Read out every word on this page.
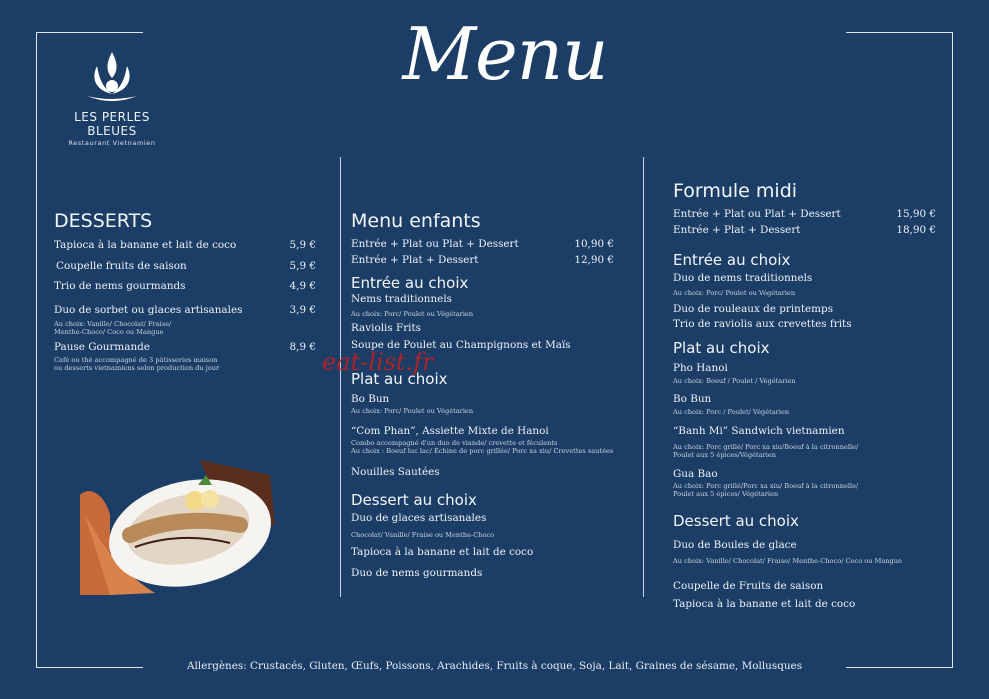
LES PERLES BLEUES
Restaurant Vietnamien
Menu
DESSERTS
Tapioca à la banane et lait de coco	5,9 €
Coupelle fruits de saison	5,9 €
Trio de nems gourmands	4,9 €
Duo de sorbet ou glaces artisanales	3,9 €
Au choix: Vanille/ Chocolat/ Fraise/
Menthe-Choco/ Coco ou Mangue
Pause Gourmande	8,9 €
Café ou thé accompagné de 3 pâtisseries maison
ou desserts vietnamiens selon production du jour
Menu enfants
Entrée + Plat ou Plat + Dessert	10,90 €
Entrée + Plat + Dessert	12,90 €
Entrée au choix
Nems traditionnels
Au choix: Porc/ Poulet ou Végétarien
Raviolis Frits
Soupe de Poulet au Champignons et Maïs
Plat au choix
Bo Bun
Au choix: Porc/ Poulet ou Végétarien
“Com Phan”, Assiette Mixte de Hanoi
Combo accompagné d'un duo de viande/ crevette et féculents
Au choix : Boeuf luc lac/ Échine de porc grillée/ Porc xa xiu/ Crevettes sautées
Nouilles Sautées
Dessert au choix
Duo de glaces artisanales
Chocolat/ Vanille/ Fraise ou Menthe-Choco
Tapioca à la banane et lait de coco
Duo de nems gourmands
Formule midi
Entrée + Plat ou Plat + Dessert	15,90 €
Entrée + Plat + Dessert	18,90 €
Entrée au choix
Duo de nems traditionnels
Au choix: Porc/ Poulet ou Végétarien
Duo de rouleaux de printemps
Trio de raviolis aux crevettes frits
Plat au choix
Pho Hanoi
Au choix: Boeuf / Poulet / Végétarien
Bo Bun
Au choix: Porc / Poulet/ Végétarien
“Banh Mi” Sandwich vietnamien
Au choix: Porc grillé/ Porc xa xiu/Boeuf à la citronnelle/
Poulet aux 5 épices/Végétarien
Gua Bao
Au choix: Porc grillé/Porc xa xiu/ Boeuf à la citronnelle/
Poulet aux 5 épices/ Végétarien
Dessert au choix
Duo de Boules de glace
Au choix: Vanille/ Chocolat/ Fraise/ Menthe-Choco/ Coco ou Mangue
Coupelle de Fruits de saison
Tapioca à la banane et lait de coco
eat-list.fr
Allergènes: Crustacés, Gluten, Œufs, Poissons, Arachides, Fruits à coque, Soja, Lait, Graines de sésame, Mollusques
